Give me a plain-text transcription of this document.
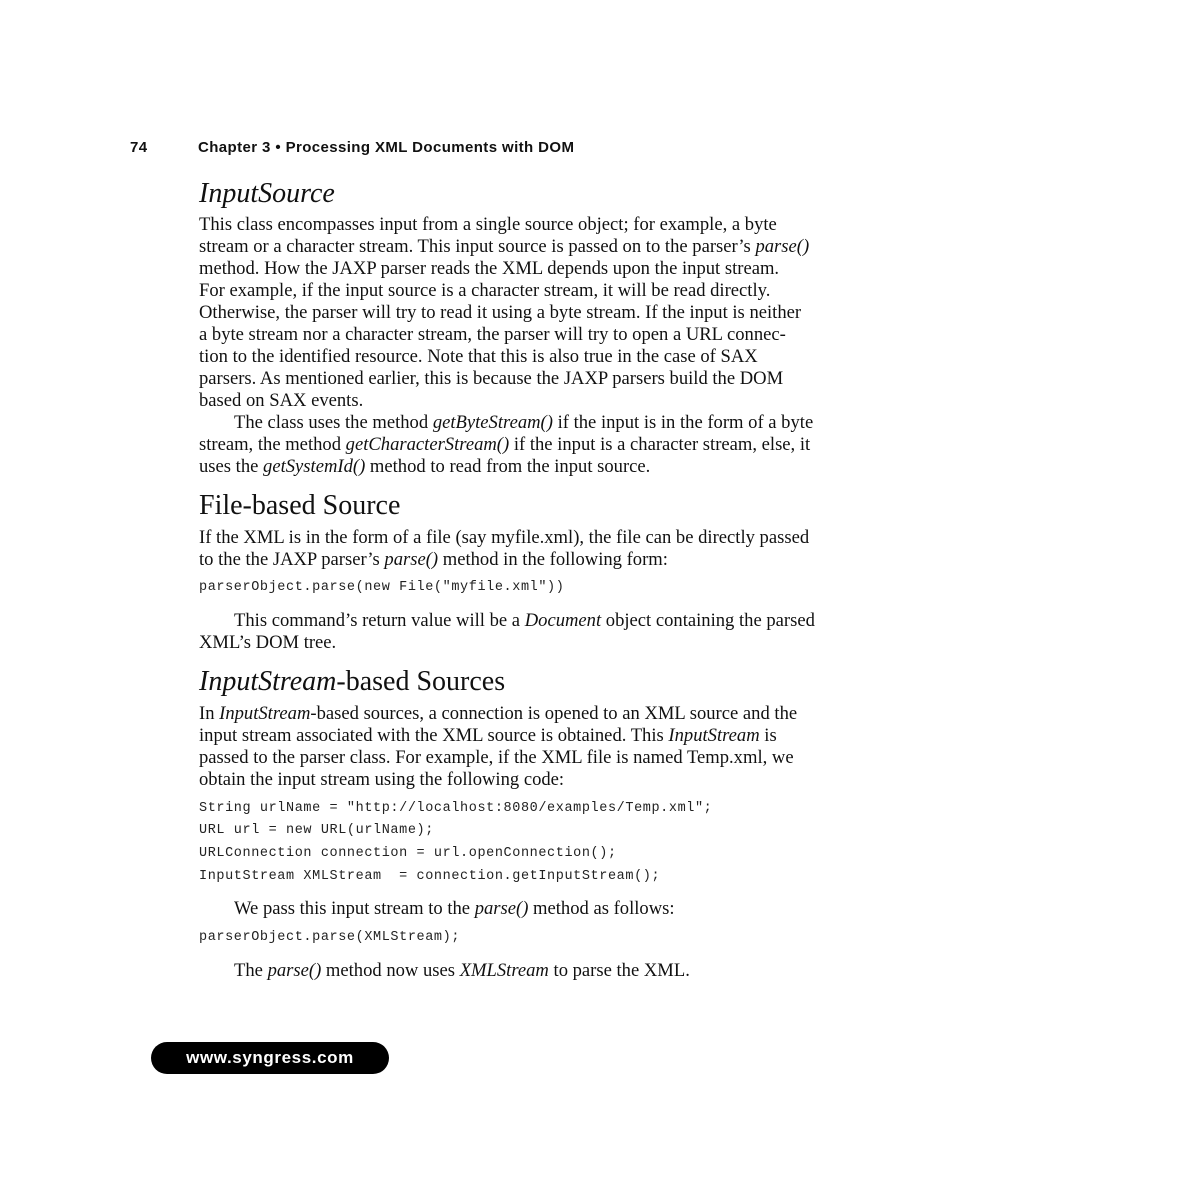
74	Chapter 3 • Processing XML Documents with DOM
InputSource

This class encompasses input from a single source object; for example, a byte
stream or a character stream. This input source is passed on to the parser’s parse()
method. How the JAXP parser reads the XML depends upon the input stream.
For example, if the input source is a character stream, it will be read directly.
Otherwise, the parser will try to read it using a byte stream. If the input is neither
a byte stream nor a character stream, the parser will try to open a URL connec-
tion to the identified resource. Note that this is also true in the case of SAX
parsers. As mentioned earlier, this is because the JAXP parsers build the DOM
based on SAX events.

The class uses the method getByteStream() if the input is in the form of a byte
stream, the method getCharacterStream() if the input is a character stream, else, it
uses the getSystemId() method to read from the input source.

File-based Source

If the XML is in the form of a file (say myfile.xml), the file can be directly passed
to the the JAXP parser’s parse() method in the following form:

parserObject.parse(new File("myfile.xml"))

This command’s return value will be a Document object containing the parsed
XML’s DOM tree.

InputStream-based Sources

In InputStream-based sources, a connection is opened to an XML source and the
input stream associated with the XML source is obtained. This InputStream is
passed to the parser class. For example, if the XML file is named Temp.xml, we
obtain the input stream using the following code:

String urlName = "http://localhost:8080/examples/Temp.xml";
URL url = new URL(urlName);
URLConnection connection = url.openConnection();
InputStream XMLStream  = connection.getInputStream();

We pass this input stream to the parse() method as follows:

parserObject.parse(XMLStream);

The parse() method now uses XMLStream to parse the XML.

www.syngress.com
